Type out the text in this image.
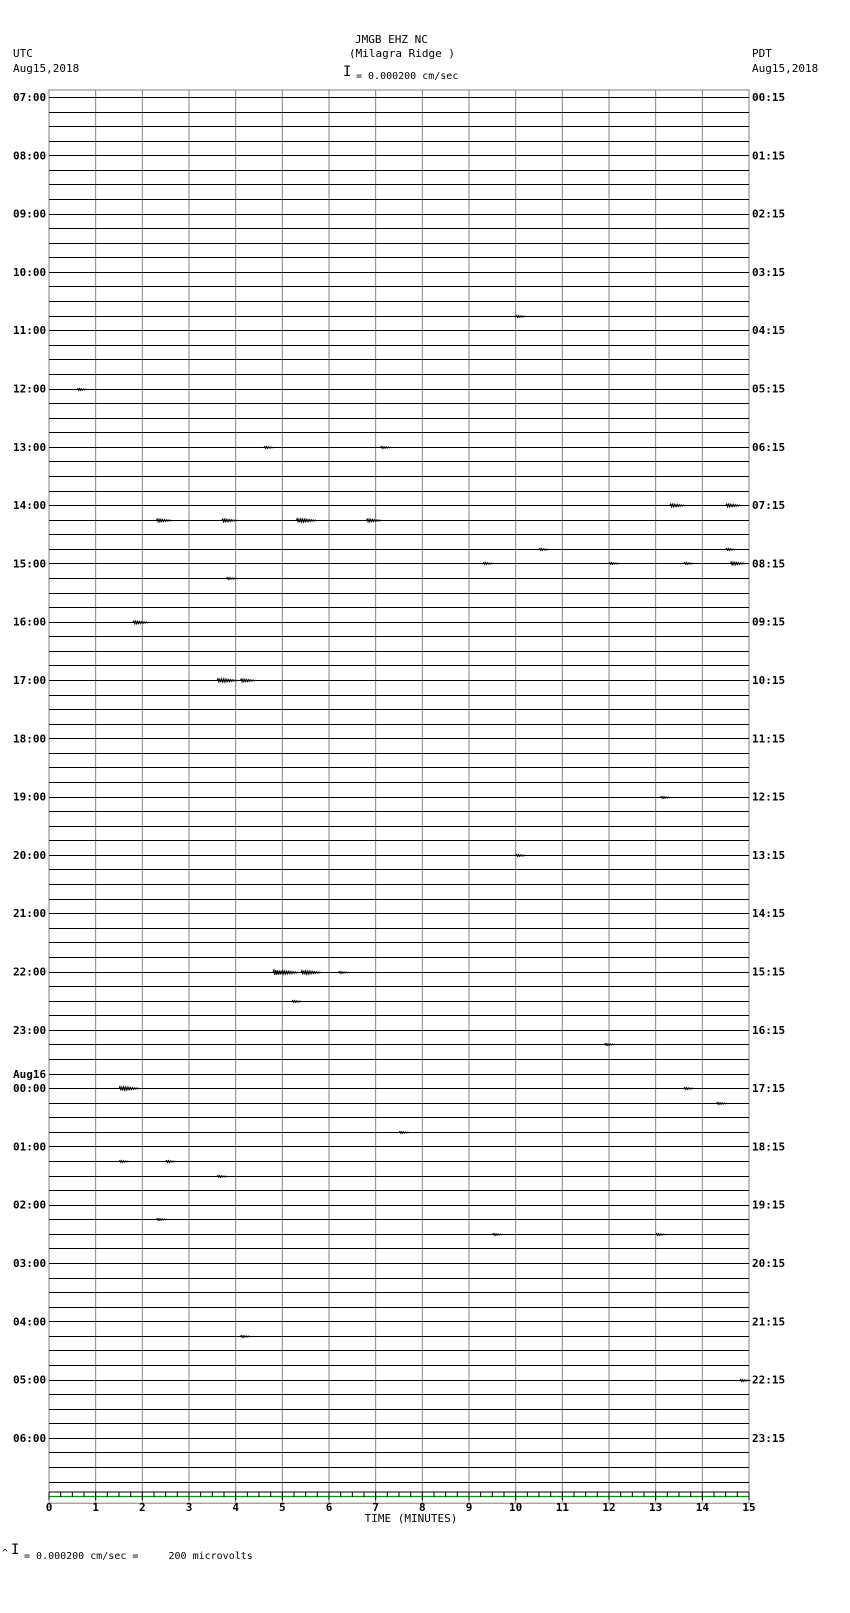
JMGB EHZ NC
(Milagra Ridge )
UTC
Aug15,2018
PDT
Aug15,2018
I = 0.000200 cm/sec
07:00
08:00
09:00
10:00
11:00
12:00
13:00
14:00
15:00
16:00
17:00
18:00
19:00
20:00
21:00
22:00
23:00
00:00
01:00
02:00
03:00
04:00
05:00
06:00
Aug16
00:15
01:15
02:15
03:15
04:15
05:15
06:15
07:15
08:15
09:15
10:15
11:15
12:15
13:15
14:15
15:15
16:15
17:15
18:15
19:15
20:15
21:15
22:15
23:15
0	1	2	3	4	5	6	7	8	9	10	11	12	13	14	15
TIME (MINUTES)
^ I = 0.000200 cm/sec =     200 microvolts
